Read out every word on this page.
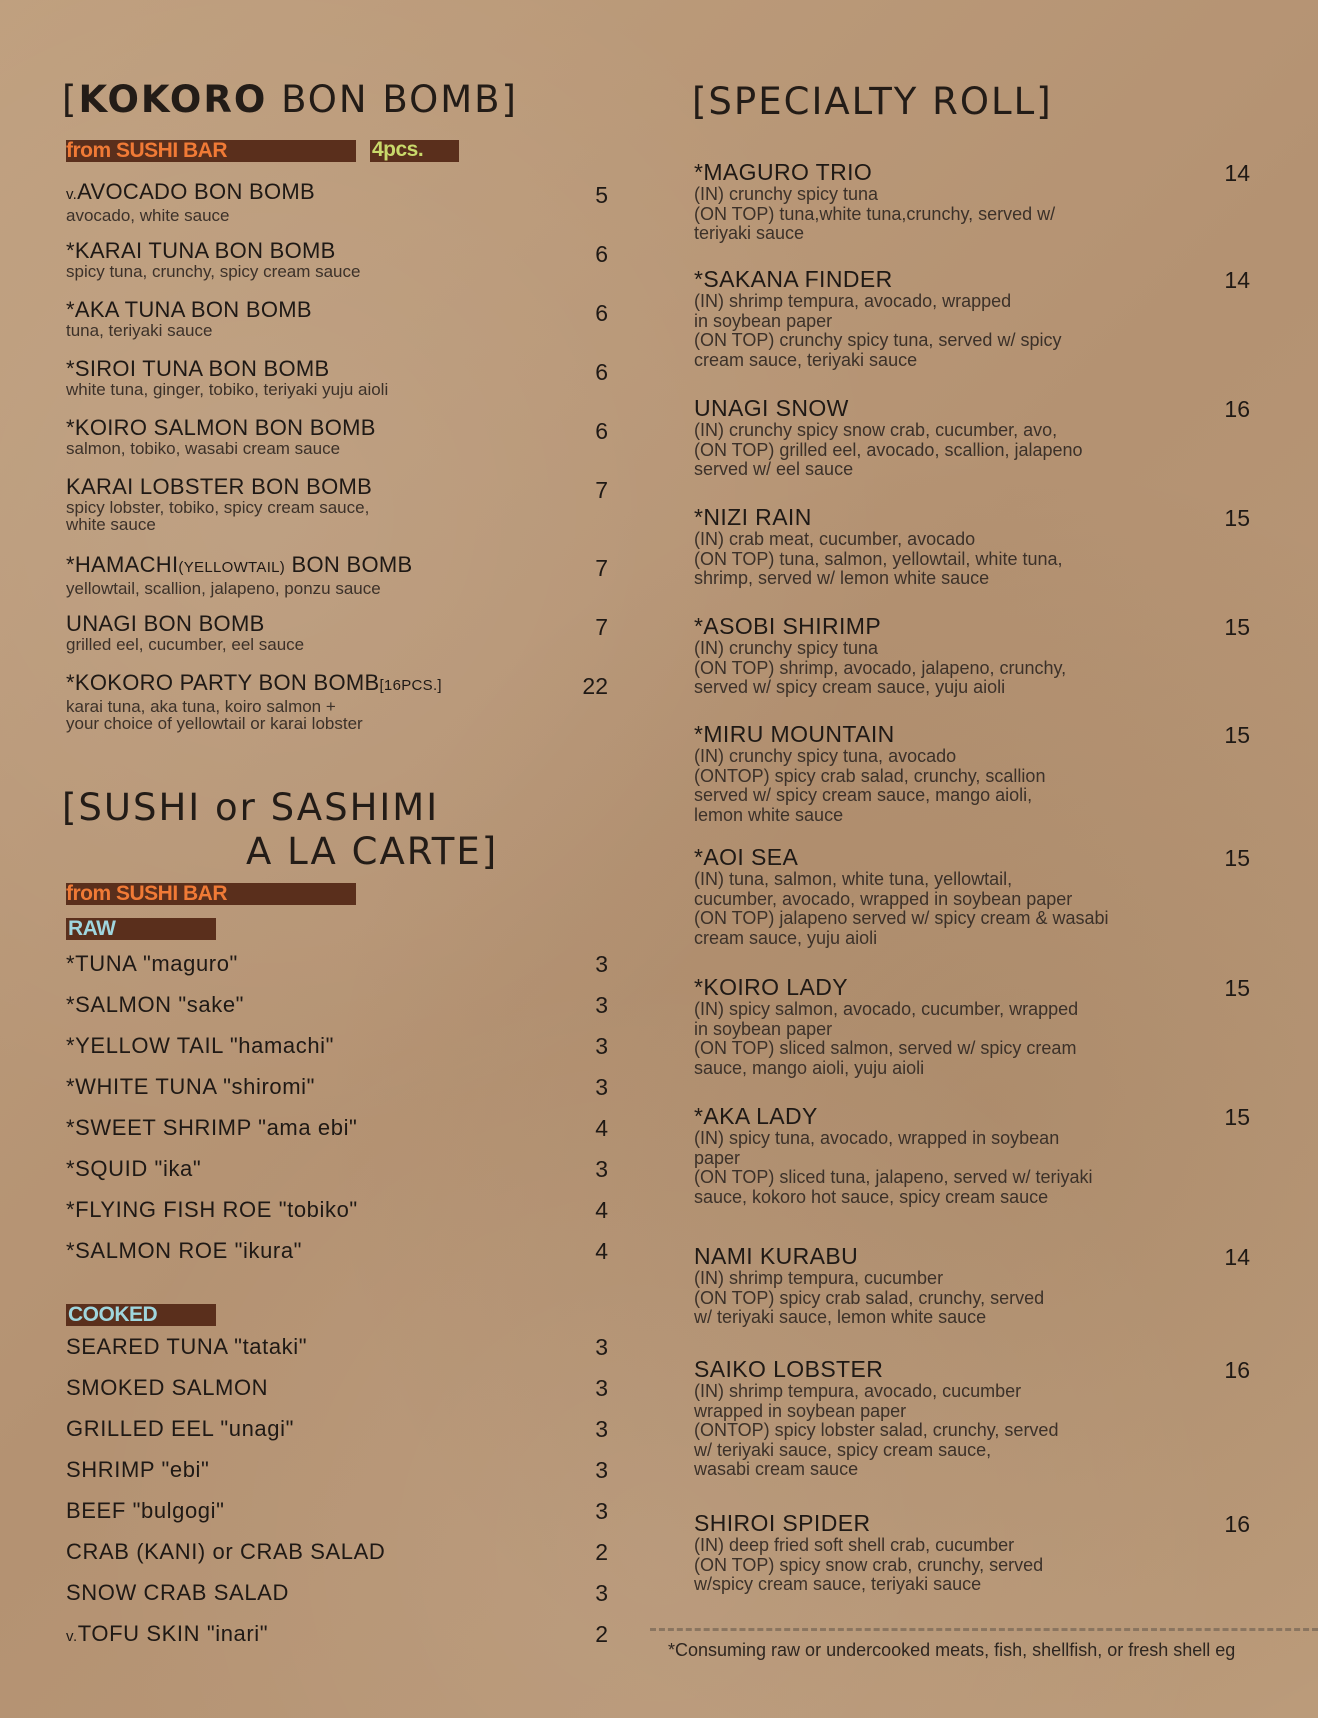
[KOKORO BON BOMB]
from SUSHI BAR	4pcs.
v.AVOCADO BON BOMB
avocado, white sauce
5
*KARAI TUNA BON BOMB
spicy tuna, crunchy, spicy cream sauce
6
*AKA TUNA BON BOMB
tuna, teriyaki sauce
6
*SIROI TUNA BON BOMB
white tuna, ginger, tobiko, teriyaki yuju aioli
6
*KOIRO SALMON BON BOMB
salmon, tobiko, wasabi cream sauce
6
KARAI LOBSTER BON BOMB
spicy lobster, tobiko, spicy cream sauce,
white sauce
7
*HAMACHI(YELLOWTAIL) BON BOMB
yellowtail, scallion, jalapeno, ponzu sauce
7
UNAGI BON BOMB
grilled eel, cucumber, eel sauce
7
*KOKORO PARTY BON BOMB[16PCS.]
karai tuna, aka tuna, koiro salmon +
your choice of yellowtail or karai lobster
22
[SUSHI or SASHIMI
A LA CARTE]
from SUSHI BAR
RAW
*TUNA "maguro"	3
*SALMON "sake"	3
*YELLOW TAIL "hamachi"	3
*WHITE TUNA "shiromi"	3
*SWEET SHRIMP "ama ebi"	4
*SQUID "ika"	3
*FLYING FISH ROE "tobiko"	4
*SALMON ROE "ikura"	4
COOKED
SEARED TUNA "tataki"	3
SMOKED SALMON	3
GRILLED EEL "unagi"	3
SHRIMP "ebi"	3
BEEF "bulgogi"	3
CRAB (KANI) or CRAB SALAD	2
SNOW CRAB SALAD	3
v.TOFU SKIN "inari"	2
[SPECIALTY ROLL]
*MAGURO TRIO
(IN) crunchy spicy tuna
(ON TOP) tuna,white tuna,crunchy, served w/
teriyaki sauce
14
*SAKANA FINDER
(IN) shrimp tempura, avocado, wrapped
in soybean paper
(ON TOP) crunchy spicy tuna, served w/ spicy
cream sauce, teriyaki sauce
14
UNAGI SNOW
(IN) crunchy spicy snow crab, cucumber, avo,
(ON TOP) grilled eel, avocado, scallion, jalapeno
served w/ eel sauce
16
*NIZI RAIN
(IN) crab meat, cucumber, avocado
(ON TOP) tuna, salmon, yellowtail, white tuna,
shrimp, served w/ lemon white sauce
15
*ASOBI SHIRIMP
(IN) crunchy spicy tuna
(ON TOP) shrimp, avocado, jalapeno, crunchy,
served w/ spicy cream sauce, yuju aioli
15
*MIRU MOUNTAIN
(IN) crunchy spicy tuna, avocado
(ONTOP) spicy crab salad, crunchy, scallion
served w/ spicy cream sauce, mango aioli,
lemon white sauce
15
*AOI SEA
(IN) tuna, salmon, white tuna, yellowtail,
cucumber, avocado, wrapped in soybean paper
(ON TOP) jalapeno served w/ spicy cream & wasabi
cream sauce, yuju aioli
15
*KOIRO LADY
(IN) spicy salmon, avocado, cucumber, wrapped
in soybean paper
(ON TOP) sliced salmon, served w/ spicy cream
sauce, mango aioli, yuju aioli
15
*AKA LADY
(IN) spicy tuna, avocado, wrapped in soybean
paper
(ON TOP) sliced tuna, jalapeno, served w/ teriyaki
sauce, kokoro hot sauce, spicy cream sauce
15
NAMI KURABU
(IN) shrimp tempura, cucumber
(ON TOP) spicy crab salad, crunchy, served
w/ teriyaki sauce, lemon white sauce
14
SAIKO LOBSTER
(IN) shrimp tempura, avocado, cucumber
wrapped in soybean paper
(ONTOP) spicy lobster salad, crunchy, served
w/ teriyaki sauce, spicy cream sauce,
wasabi cream sauce
16
SHIROI SPIDER
(IN) deep fried soft shell crab, cucumber
(ON TOP) spicy snow crab, crunchy, served
w/spicy cream sauce, teriyaki sauce
16
*Consuming raw or undercooked meats, fish, shellfish, or fresh shell eg
